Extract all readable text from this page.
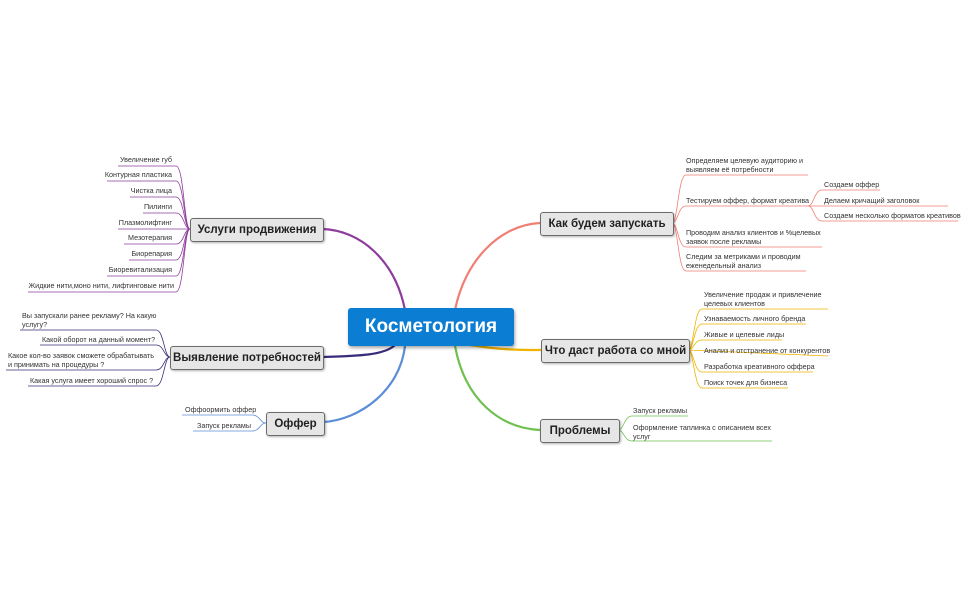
Косметология
Услуги продвижения
Выявление потребностей
Оффер
Как будем запускать
Что даст работа со мной
Проблемы
Увеличение губ
Контурная пластика
Чистка лица
Пилинги
Плазмолифтинг
Мезотерапия
Биорепария
Биоревитализация
Жидкие нити,моно нити, лифтинговые нити
Вы запускали ранее рекламу? На какую услугу?
Какой оборот на данный момент?
Какое кол-во заявок сможете обрабатывать и принимать на процедуры ?
Какая услуга имеет хороший спрос ?
Оффоормить оффер
Запуск рекламы
Определяем целевую аудиторию и выявляем её потребности
Тестируем оффер, формат креатива
Проводим анализ клиентов и %целевых заявок после рекламы
Следим за метриками и проводим еженедельный анализ
Создаем оффер
Делаем кричащий заголовок
Создаем несколько форматов креативов
Увеличение продаж и привлечение целевых клиентов
Узнаваемость личного бренда
Живые и целевые лиды
Анализ и отстранение от конкурентов
Разработка креативного оффера
Поиск точек для бизнеса
Запуск рекламы
Оформление таплинка с описанием всех услуг
